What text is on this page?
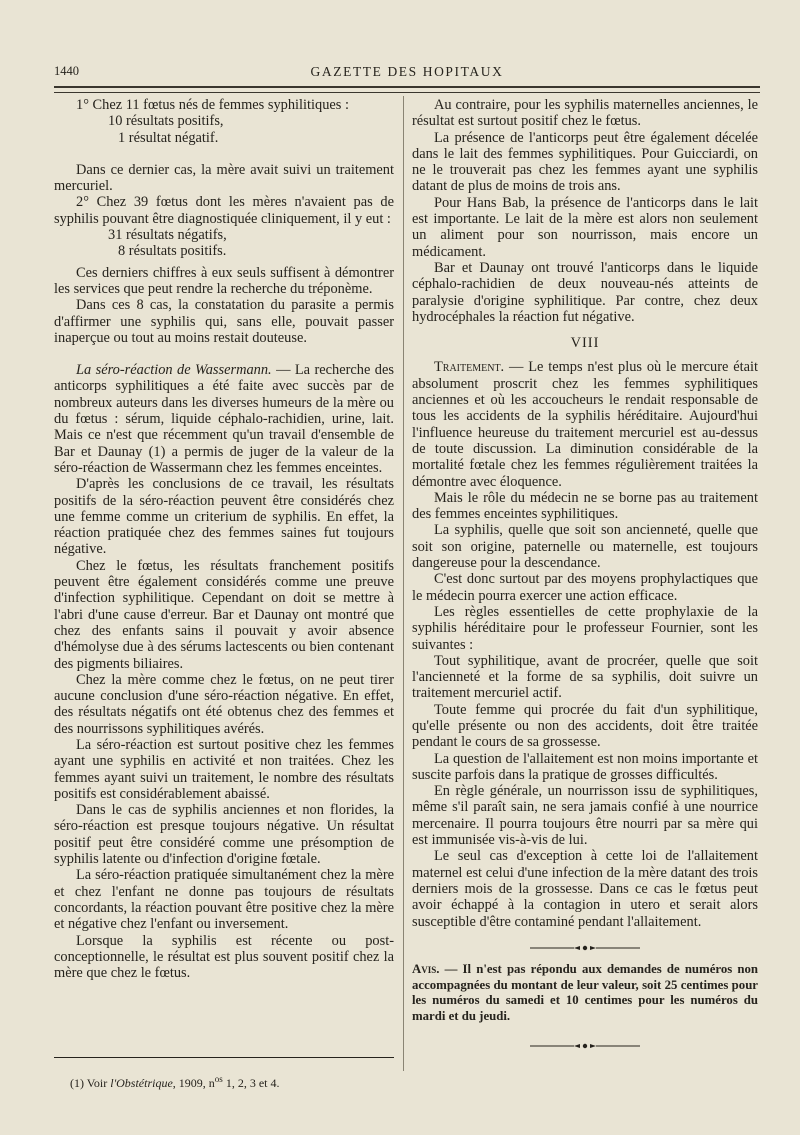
1440	GAZETTE DES HOPITAUX

1° Chez 11 fœtus nés de femmes syphilitiques :

10 résultats positifs,

1 résultat négatif.

Dans ce dernier cas, la mère avait suivi un traitement mercuriel.

2° Chez 39 fœtus dont les mères n'avaient pas de syphilis pouvant être diagnostiquée cliniquement, il y eut :

31 résultats négatifs,

8 résultats positifs.

Ces derniers chiffres à eux seuls suffisent à démontrer les services que peut rendre la recherche du tréponème.

Dans ces 8 cas, la constatation du parasite a permis d'affirmer une syphilis qui, sans elle, pouvait passer inaperçue ou tout au moins restait douteuse.

La séro-réaction de Wassermann. — La recherche des anticorps syphilitiques a été faite avec succès par de nombreux auteurs dans les diverses humeurs de la mère ou du fœtus : sérum, liquide céphalo-rachidien, urine, lait. Mais ce n'est que récemment qu'un travail d'ensemble de Bar et Daunay (1) a permis de juger de la valeur de la séro-réaction de Wassermann chez les femmes enceintes.

D'après les conclusions de ce travail, les résultats positifs de la séro-réaction peuvent être considérés chez une femme comme un criterium de syphilis. En effet, la réaction pratiquée chez des femmes saines fut toujours négative.

Chez le fœtus, les résultats franchement positifs peuvent être également considérés comme une preuve d'infection syphilitique. Cependant on doit se mettre à l'abri d'une cause d'erreur. Bar et Daunay ont montré que chez des enfants sains il pouvait y avoir absence d'hémolyse due à des sérums lactescents ou bien contenant des pigments biliaires.

Chez la mère comme chez le fœtus, on ne peut tirer aucune conclusion d'une séro-réaction négative. En effet, des résultats négatifs ont été obtenus chez des femmes et des nourrissons syphilitiques avérés.

La séro-réaction est surtout positive chez les femmes ayant une syphilis en activité et non traitées. Chez les femmes ayant suivi un traitement, le nombre des résultats positifs est considérablement abaissé.

Dans le cas de syphilis anciennes et non florides, la séro-réaction est presque toujours négative. Un résultat positif peut être considéré comme une présomption de syphilis latente ou d'infection d'origine fœtale.

La séro-réaction pratiquée simultanément chez la mère et chez l'enfant ne donne pas toujours de résultats concordants, la réaction pouvant être positive chez la mère et négative chez l'enfant ou inversement.

Lorsque la syphilis est récente ou post-conceptionnelle, le résultat est plus souvent positif chez la mère que chez le fœtus.

(1) Voir l'Obstétrique, 1909, $n^{os}$ 1, 2, 3 et 4.

Au contraire, pour les syphilis maternelles anciennes, le résultat est surtout positif chez le fœtus.

La présence de l'anticorps peut être également décelée dans le lait des femmes syphilitiques. Pour Guicciardi, on ne le trouverait pas chez les femmes ayant une syphilis datant de plus de moins de trois ans.

Pour Hans Bab, la présence de l'anticorps dans le lait est importante. Le lait de la mère est alors non seulement un aliment pour son nourrisson, mais encore un médicament.

Bar et Daunay ont trouvé l'anticorps dans le liquide céphalo-rachidien de deux nouveau-nés atteints de paralysie d'origine syphilitique. Par contre, chez deux hydrocéphales la réaction fut négative.

VIII

Traitement. — Le temps n'est plus où le mercure était absolument proscrit chez les femmes syphilitiques anciennes et où les accoucheurs le rendait responsable de tous les accidents de la syphilis héréditaire. Aujourd'hui l'influence heureuse du traitement mercuriel est au-dessus de toute discussion. La diminution considérable de la mortalité fœtale chez les femmes régulièrement traitées la démontre avec éloquence.

Mais le rôle du médecin ne se borne pas au traitement des femmes enceintes syphilitiques.

La syphilis, quelle que soit son ancienneté, quelle que soit son origine, paternelle ou maternelle, est toujours dangereuse pour la descendance.

C'est donc surtout par des moyens prophylactiques que le médecin pourra exercer une action efficace.

Les règles essentielles de cette prophylaxie de la syphilis héréditaire pour le professeur Fournier, sont les suivantes :

Tout syphilitique, avant de procréer, quelle que soit l'ancienneté et la forme de sa syphilis, doit suivre un traitement mercuriel actif.

Toute femme qui procrée du fait d'un syphilitique, qu'elle présente ou non des accidents, doit être traitée pendant le cours de sa grossesse.

La question de l'allaitement est non moins importante et suscite parfois dans la pratique de grosses difficultés.

En règle générale, un nourrisson issu de syphilitiques, même s'il paraît sain, ne sera jamais confié à une nourrice mercenaire. Il pourra toujours être nourri par sa mère qui est immunisée vis-à-vis de lui.

Le seul cas d'exception à cette loi de l'allaitement maternel est celui d'une infection de la mère datant des trois derniers mois de la grossesse. Dans ce cas le fœtus peut avoir échappé à la contagion in utero et serait alors susceptible d'être contaminé pendant l'allaitement.

Avis. — Il n'est pas répondu aux demandes de numéros non accompagnées du montant de leur valeur, soit 25 centimes pour les numéros du samedi et 10 centimes pour les numéros du mardi et du jeudi.
